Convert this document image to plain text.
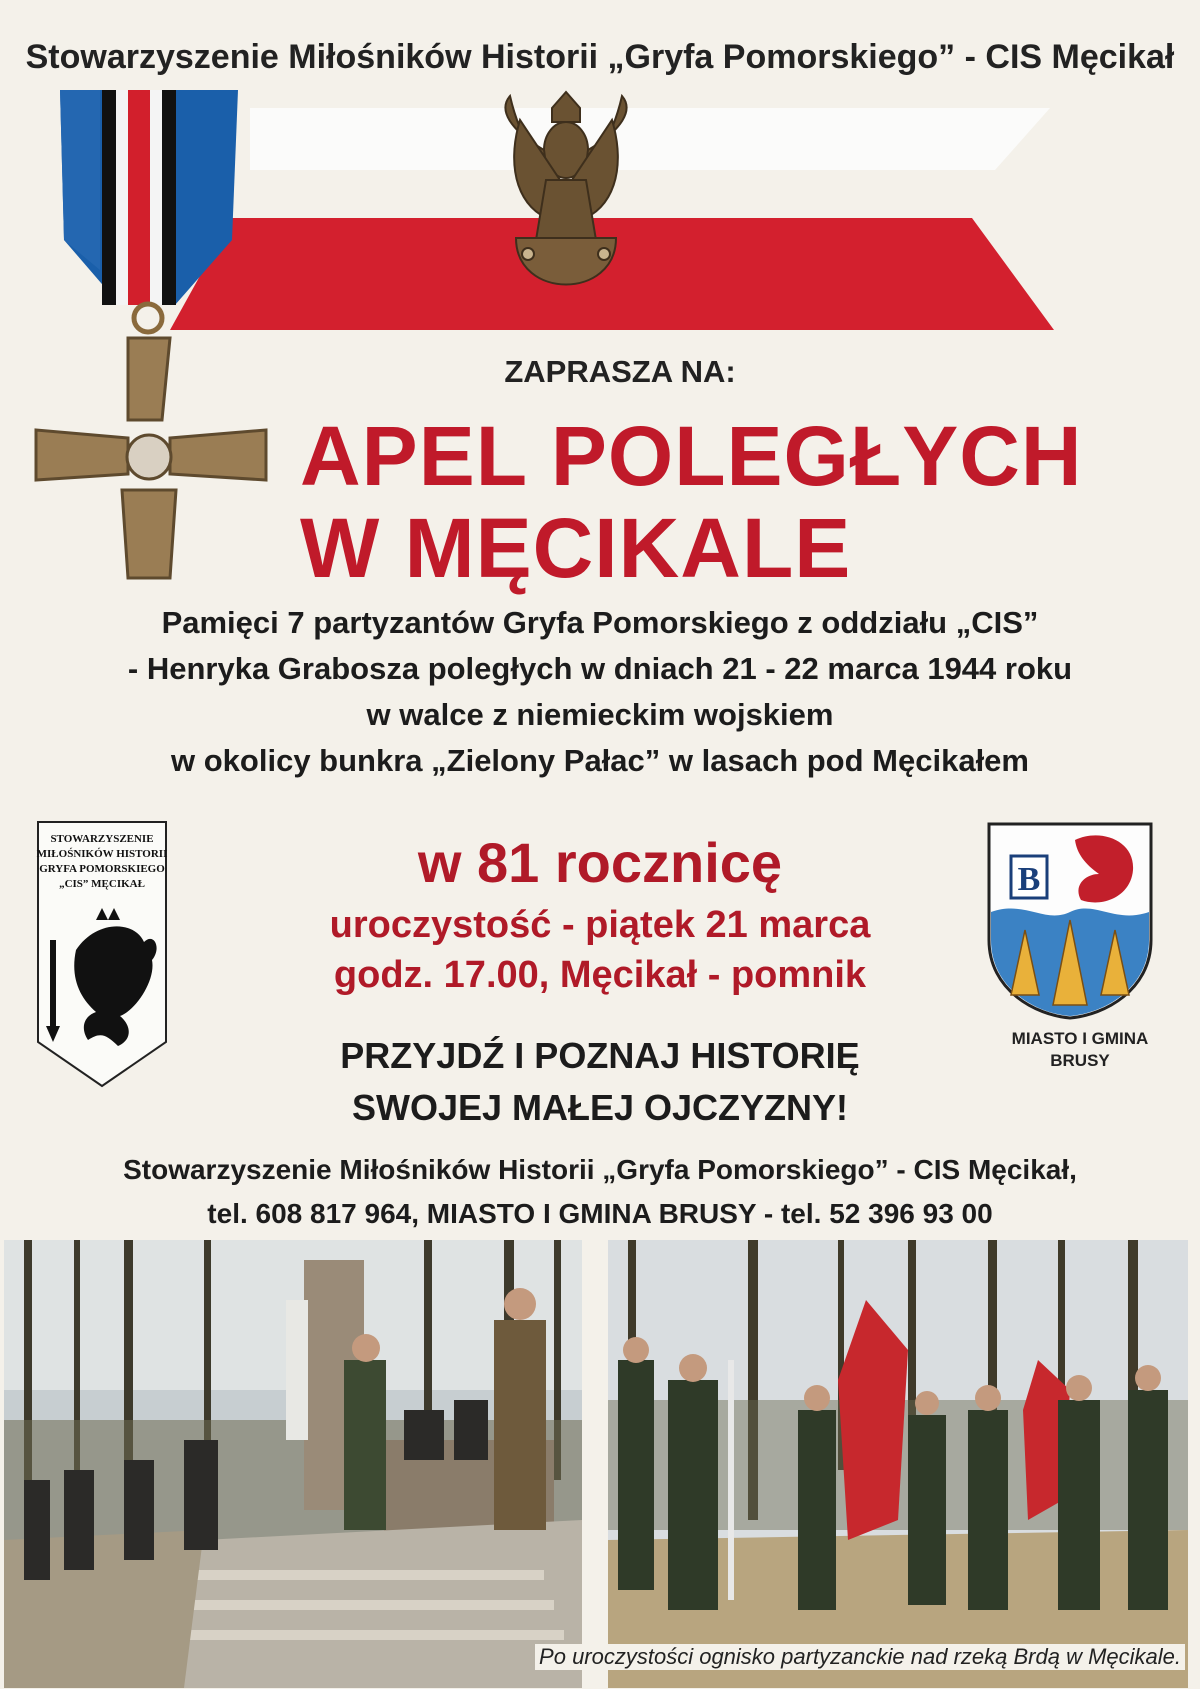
Stowarzyszenie Miłośników Historii „Gryfa Pomorskiego” - CIS Męcikał
ZAPRASZA NA:
APEL POLEGŁYCH
W MĘCIKALE
Pamięci 7 partyzantów Gryfa Pomorskiego z oddziału „CIS”
- Henryka Grabosza poległych w dniach 21 - 22 marca 1944 roku
w walce z niemieckim wojskiem
w okolicy bunkra „Zielony Pałac” w lasach pod Męcikałem
STOWARZYSZENIE
MIŁOŚNIKÓW HISTORII
GRYFA POMORSKIEGO
„CIS” MĘCIKAŁ	w 81 rocznicę
uroczystość - piątek 21 marca
godz. 17.00, Męcikał - pomnik
B
MIASTO I GMINA
BRUSY
PRZYJDŹ I POZNAJ HISTORIĘ
SWOJEJ MAŁEJ OJCZYZNY!
Stowarzyszenie Miłośników Historii „Gryfa Pomorskiego” - CIS Męcikał,
tel. 608 817 964, MIASTO I GMINA BRUSY - tel. 52 396 93 00
Po uroczystości ognisko partyzanckie nad rzeką Brdą w Męcikale.
